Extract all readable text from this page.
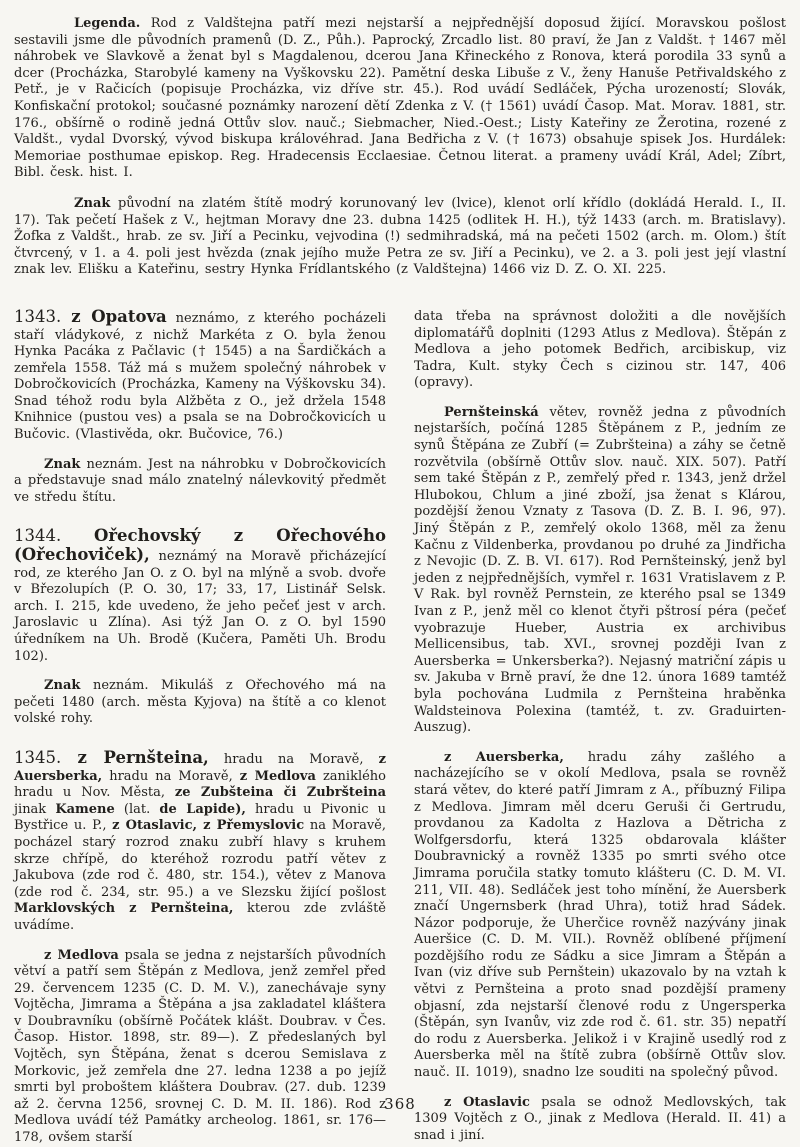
Legenda. Rod z Valdštejna patří mezi nejstarší a nejpřednější doposud žijící. Moravskou pošlost sestavili jsme dle původních pramenů (D. Z., Půh.). Paprocký, Zrcadlo list. 80 praví, že Jan z Valdšt. † 1467 měl náhrobek ve Slavkově a ženat byl s Magdalenou, dcerou Jana Křineckého z Ronova, která porodila 33 synů a dcer (Procházka, Starobylé kameny na Vyškovsku 22). Pamětní deska Libuše z V., ženy Hanuše Petřivaldského z Petř., je v Račicích (popisuje Procházka, viz dříve str. 45.). Rod uvádí Sedláček, Pýcha urozeností; Slovák, Konfiskační protokol; současné poznámky narození dětí Zdenka z V. († 1561) uvádí Časop. Mat. Morav. 1881, str. 176., obšírně o rodině jedná Ottův slov. nauč.; Siebmacher, Nied.-Oest.; Listy Kateřiny ze Žerotina, rozené z Valdšt., vydal Dvorský, vývod biskupa královéhrad. Jana Bedřicha z V. († 1673) obsahuje spisek Jos. Hurdálek: Memoriae posthumae episkop. Reg. Hradecensis Ecclaesiae. Četnou literat. a prameny uvádí Král, Adel; Zíbrt, Bibl. česk. hist. I.

Znak původní na zlatém štítě modrý korunovaný lev (lvice), klenot orlí křídlo (dokládá Herald. I., II. 17). Tak pečetí Hašek z V., hejtman Moravy dne 23. dubna 1425 (odlitek H. H.), týž 1433 (arch. m. Bratislavy). Žofka z Valdšt., hrab. ze sv. Jiří a Pecinku, vejvodina (!) sedmihradská, má na pečeti 1502 (arch. m. Olom.) štít čtvrcený, v 1. a 4. poli jest hvězda (znak jejího muže Petra ze sv. Jiří a Pecinku), ve 2. a 3. poli jest její vlastní znak lev. Elišku a Kateřinu, sestry Hynka Frídlantského (z Valdštejna) 1466 viz D. Z. O. XI. 225.

1343. z Opatova neznámo, z kterého pocházeli staří vládykové, z nichž Markéta z O. byla ženou Hynka Pacáka z Pačlavic († 1545) a na Šardičkách a zemřela 1558. Táž má s mužem společný náhrobek v Dobročkovicích (Procházka, Kameny na Výškovsku 34). Snad téhož rodu byla Alžběta z O., jež držela 1548 Knihnice (pustou ves) a psala se na Dobročkovicích u Bučovic. (Vlastivěda, okr. Bučovice, 76.)

Znak neznám. Jest na náhrobku v Dobročkovicích a představuje snad málo znatelný nálevkovitý předmět ve středu štítu.

1344. Ořechovský z Ořechového (Ořechoviček), neznámý na Moravě přicházející rod, ze kterého Jan O. z O. byl na mlýně a svob. dvoře v Březolupích (P. O. 30, 17; 33, 17, Listinář Selsk. arch. I. 215, kde uvedeno, že jeho pečeť jest v arch. Jaroslavic u Zlína). Asi týž Jan O. z O. byl 1590 úředníkem na Uh. Brodě (Kučera, Paměti Uh. Brodu 102).

Znak neznám. Mikuláš z Ořechového má na pečeti 1480 (arch. města Kyjova) na štítě a co klenot volské rohy.

1345. z Pernšteina, hradu na Moravě, z Auersberka, hradu na Moravě, z Medlova zaniklého hradu u Nov. Města, ze Zubšteina či Zubršteina jinak Kamene (lat. de Lapide), hradu u Pivonic u Bystřice u. P., z Otaslavic, z Přemyslovic na Moravě, pocházel starý rozrod znaku zubří hlavy s kruhem skrze chřípě, do kteréhož rozrodu patří větev z Jakubova (zde rod č. 480, str. 154.), větev z Manova (zde rod č. 234, str. 95.) a ve Slezsku žijící pošlost Marklovských z Pernšteina, kterou zde zvláště uvádíme.

z Medlova psala se jedna z nejstarších původních větví a patří sem Štěpán z Medlova, jenž zemřel před 29. červencem 1235 (C. D. M. V.), zanechávaje syny Vojtěcha, Jimrama a Štěpána a jsa zakladatel kláštera v Doubravníku (obšírně Počátek klášt. Doubrav. v Čes. Časop. Histor. 1898, str. 89—). Z předeslaných byl Vojtěch, syn Štěpána, ženat s dcerou Semislava z Morkovic, jež zemřela dne 27. ledna 1238 a po jejíž smrti byl proboštem kláštera Doubrav. (27. dub. 1239 až 2. června 1256, srovnej C. D. M. II. 186). Rod z Medlova uvádí též Památky archeolog. 1861, sr. 176—178, ovšem starší

data třeba na správnost doložiti a dle novějších diplomatářů doplniti (1293 Atlus z Medlova). Štěpán z Medlova a jeho potomek Bedřich, arcibiskup, viz Tadra, Kult. styky Čech s cizinou str. 147, 406 (opravy).

Pernšteinská větev, rovněž jedna z původních nejstarších, počíná 1285 Štěpánem z P., jedním ze synů Štěpána ze Zubří (= Zubršteina) a záhy se četně rozvětvila (obšírně Ottův slov. nauč. XIX. 507). Patří sem také Štěpán z P., zemřelý před r. 1343, jenž držel Hlubokou, Chlum a jiné zboží, jsa ženat s Klárou, pozdější ženou Vznaty z Tasova (D. Z. B. I. 96, 97). Jiný Štěpán z P., zemřelý okolo 1368, měl za ženu Kačnu z Vildenberka, provdanou po druhé za Jindřicha z Nevojic (D. Z. B. VI. 617). Rod Pernšteinský, jenž byl jeden z nejpřednějších, vymřel r. 1631 Vratislavem z P. V Rak. byl rovněž Pernstein, ze kterého psal se 1349 Ivan z P., jenž měl co klenot čtyři pštrosí péra (pečeť vyobrazuje Hueber, Austria ex archivibus Mellicensibus, tab. XVI., srovnej později Ivan z Auersberka = Unkersberka?). Nejasný matriční zápis u sv. Jakuba v Brně praví, že dne 12. února 1689 tamtéž byla pochována Ludmila z Pernšteina hraběnka Waldsteinova Polexina (tamtéž, t. zv. Graduirten-Auszug).

z Auersberka, hradu záhy zašlého a nacházejícího se v okolí Medlova, psala se rovněž stará větev, do které patří Jimram z A., příbuzný Filipa z Medlova. Jimram měl dceru Geruši či Gertrudu, provdanou za Kadolta z Hazlova a Dětricha z Wolfgersdorfu, která 1325 obdarovala klášter Doubravnický a rovněž 1335 po smrti svého otce Jimrama poručila statky tomuto klášteru (C. D. M. VI. 211, VII. 48). Sedláček jest toho mínění, že Auersberk značí Ungernsberk (hrad Uhra), totiž hrad Sádek. Názor podporuje, že Uherčice rovněž nazývány jinak Aueršice (C. D. M. VII.). Rovněž oblíbené příjmení pozdějšího rodu ze Sádku a sice Jimram a Štěpán a Ivan (viz dříve sub Pernštein) ukazovalo by na vztah k větvi z Pernšteina a proto snad pozdější prameny objasní, zda nejstarší členové rodu z Ungersperka (Štěpán, syn Ivanův, viz zde rod č. 61. str. 35) nepatří do rodu z Auersberka. Jelikož i v Krajině usedlý rod z Auersberka měl na štítě zubra (obšírně Ottův slov. nauč. II. 1019), snadno lze souditi na společný původ.

z Otaslavic psala se odnož Medlovských, tak 1309 Vojtěch z O., jinak z Medlova (Herald. II. 41) a snad i jiní.

368
